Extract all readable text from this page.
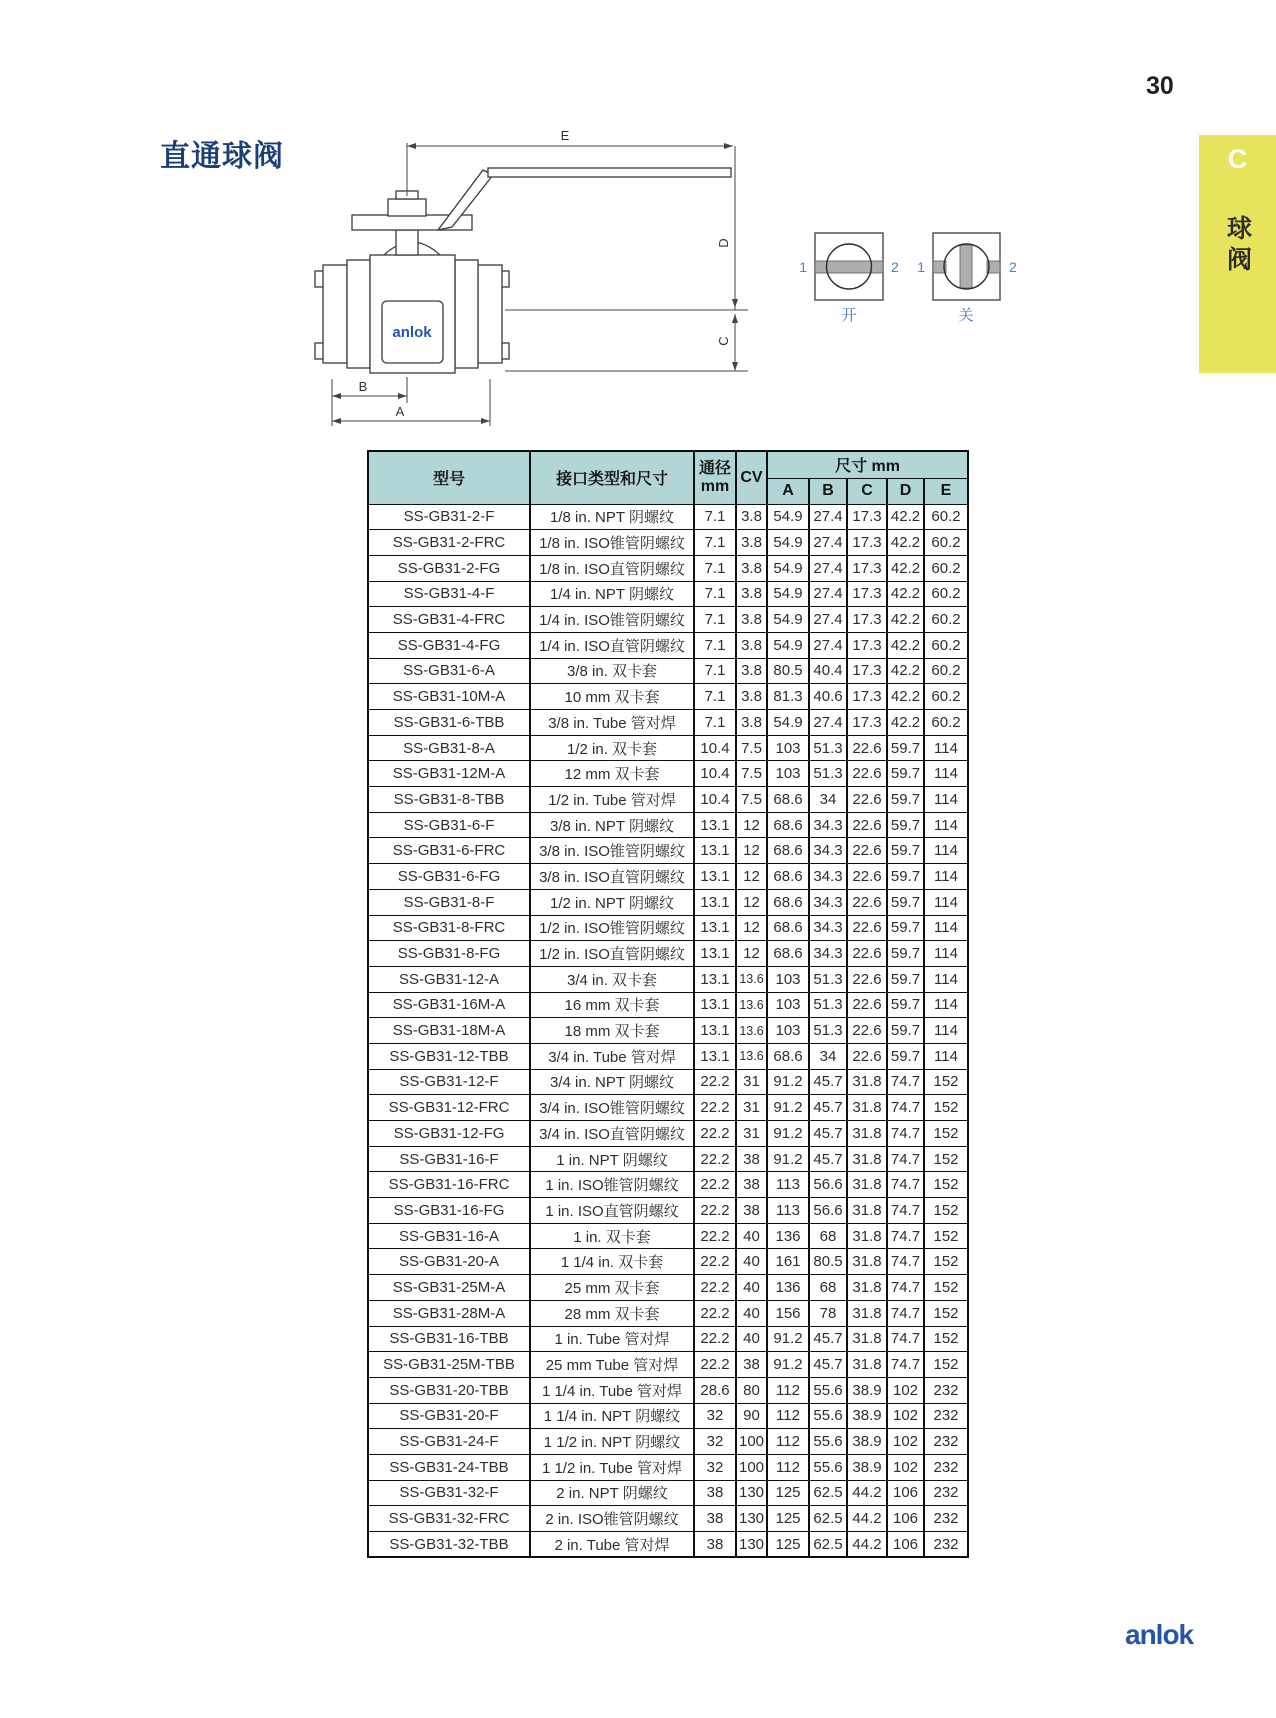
30
C
球阀
直通球阀
anlok
E
D
C
B
A
1	2
开
1	2
关
型号	接口类型和尺寸	通径
mm	CV	尺寸 mm				
				A	B	C	D	E
SS-GB31-2-F	1/8 in. NPT 阴螺纹	7.1	3.8	54.9	27.4	17.3	42.2	60.2
SS-GB31-2-FRC	1/8 in. ISO锥管阴螺纹	7.1	3.8	54.9	27.4	17.3	42.2	60.2
SS-GB31-2-FG	1/8 in. ISO直管阴螺纹	7.1	3.8	54.9	27.4	17.3	42.2	60.2
SS-GB31-4-F	1/4 in. NPT 阴螺纹	7.1	3.8	54.9	27.4	17.3	42.2	60.2
SS-GB31-4-FRC	1/4 in. ISO锥管阴螺纹	7.1	3.8	54.9	27.4	17.3	42.2	60.2
SS-GB31-4-FG	1/4 in. ISO直管阴螺纹	7.1	3.8	54.9	27.4	17.3	42.2	60.2
SS-GB31-6-A	3/8 in. 双卡套	7.1	3.8	80.5	40.4	17.3	42.2	60.2
SS-GB31-10M-A	10 mm 双卡套	7.1	3.8	81.3	40.6	17.3	42.2	60.2
SS-GB31-6-TBB	3/8 in. Tube 管对焊	7.1	3.8	54.9	27.4	17.3	42.2	60.2
SS-GB31-8-A	1/2 in. 双卡套	10.4	7.5	103	51.3	22.6	59.7	114
SS-GB31-12M-A	12 mm 双卡套	10.4	7.5	103	51.3	22.6	59.7	114
SS-GB31-8-TBB	1/2 in. Tube 管对焊	10.4	7.5	68.6	34	22.6	59.7	114
SS-GB31-6-F	3/8 in. NPT 阴螺纹	13.1	12	68.6	34.3	22.6	59.7	114
SS-GB31-6-FRC	3/8 in. ISO锥管阴螺纹	13.1	12	68.6	34.3	22.6	59.7	114
SS-GB31-6-FG	3/8 in. ISO直管阴螺纹	13.1	12	68.6	34.3	22.6	59.7	114
SS-GB31-8-F	1/2 in. NPT 阴螺纹	13.1	12	68.6	34.3	22.6	59.7	114
SS-GB31-8-FRC	1/2 in. ISO锥管阴螺纹	13.1	12	68.6	34.3	22.6	59.7	114
SS-GB31-8-FG	1/2 in. ISO直管阴螺纹	13.1	12	68.6	34.3	22.6	59.7	114
SS-GB31-12-A	3/4 in. 双卡套	13.1	13.6	103	51.3	22.6	59.7	114
SS-GB31-16M-A	16 mm 双卡套	13.1	13.6	103	51.3	22.6	59.7	114
SS-GB31-18M-A	18 mm 双卡套	13.1	13.6	103	51.3	22.6	59.7	114
SS-GB31-12-TBB	3/4 in. Tube 管对焊	13.1	13.6	68.6	34	22.6	59.7	114
SS-GB31-12-F	3/4 in. NPT 阴螺纹	22.2	31	91.2	45.7	31.8	74.7	152
SS-GB31-12-FRC	3/4 in. ISO锥管阴螺纹	22.2	31	91.2	45.7	31.8	74.7	152
SS-GB31-12-FG	3/4 in. ISO直管阴螺纹	22.2	31	91.2	45.7	31.8	74.7	152
SS-GB31-16-F	1 in. NPT 阴螺纹	22.2	38	91.2	45.7	31.8	74.7	152
SS-GB31-16-FRC	1 in. ISO锥管阴螺纹	22.2	38	113	56.6	31.8	74.7	152
SS-GB31-16-FG	1 in. ISO直管阴螺纹	22.2	38	113	56.6	31.8	74.7	152
SS-GB31-16-A	1 in. 双卡套	22.2	40	136	68	31.8	74.7	152
SS-GB31-20-A	1 1/4 in. 双卡套	22.2	40	161	80.5	31.8	74.7	152
SS-GB31-25M-A	25 mm 双卡套	22.2	40	136	68	31.8	74.7	152
SS-GB31-28M-A	28 mm 双卡套	22.2	40	156	78	31.8	74.7	152
SS-GB31-16-TBB	1 in. Tube 管对焊	22.2	40	91.2	45.7	31.8	74.7	152
SS-GB31-25M-TBB	25 mm Tube 管对焊	22.2	38	91.2	45.7	31.8	74.7	152
SS-GB31-20-TBB	1 1/4 in. Tube 管对焊	28.6	80	112	55.6	38.9	102	232
SS-GB31-20-F	1 1/4 in. NPT 阴螺纹	32	90	112	55.6	38.9	102	232
SS-GB31-24-F	1 1/2 in. NPT 阴螺纹	32	100	112	55.6	38.9	102	232
SS-GB31-24-TBB	1 1/2 in. Tube 管对焊	32	100	112	55.6	38.9	102	232
SS-GB31-32-F	2 in. NPT 阴螺纹	38	130	125	62.5	44.2	106	232
SS-GB31-32-FRC	2 in. ISO锥管阴螺纹	38	130	125	62.5	44.2	106	232
SS-GB31-32-TBB	2 in. Tube 管对焊	38	130	125	62.5	44.2	106	232
anlok
